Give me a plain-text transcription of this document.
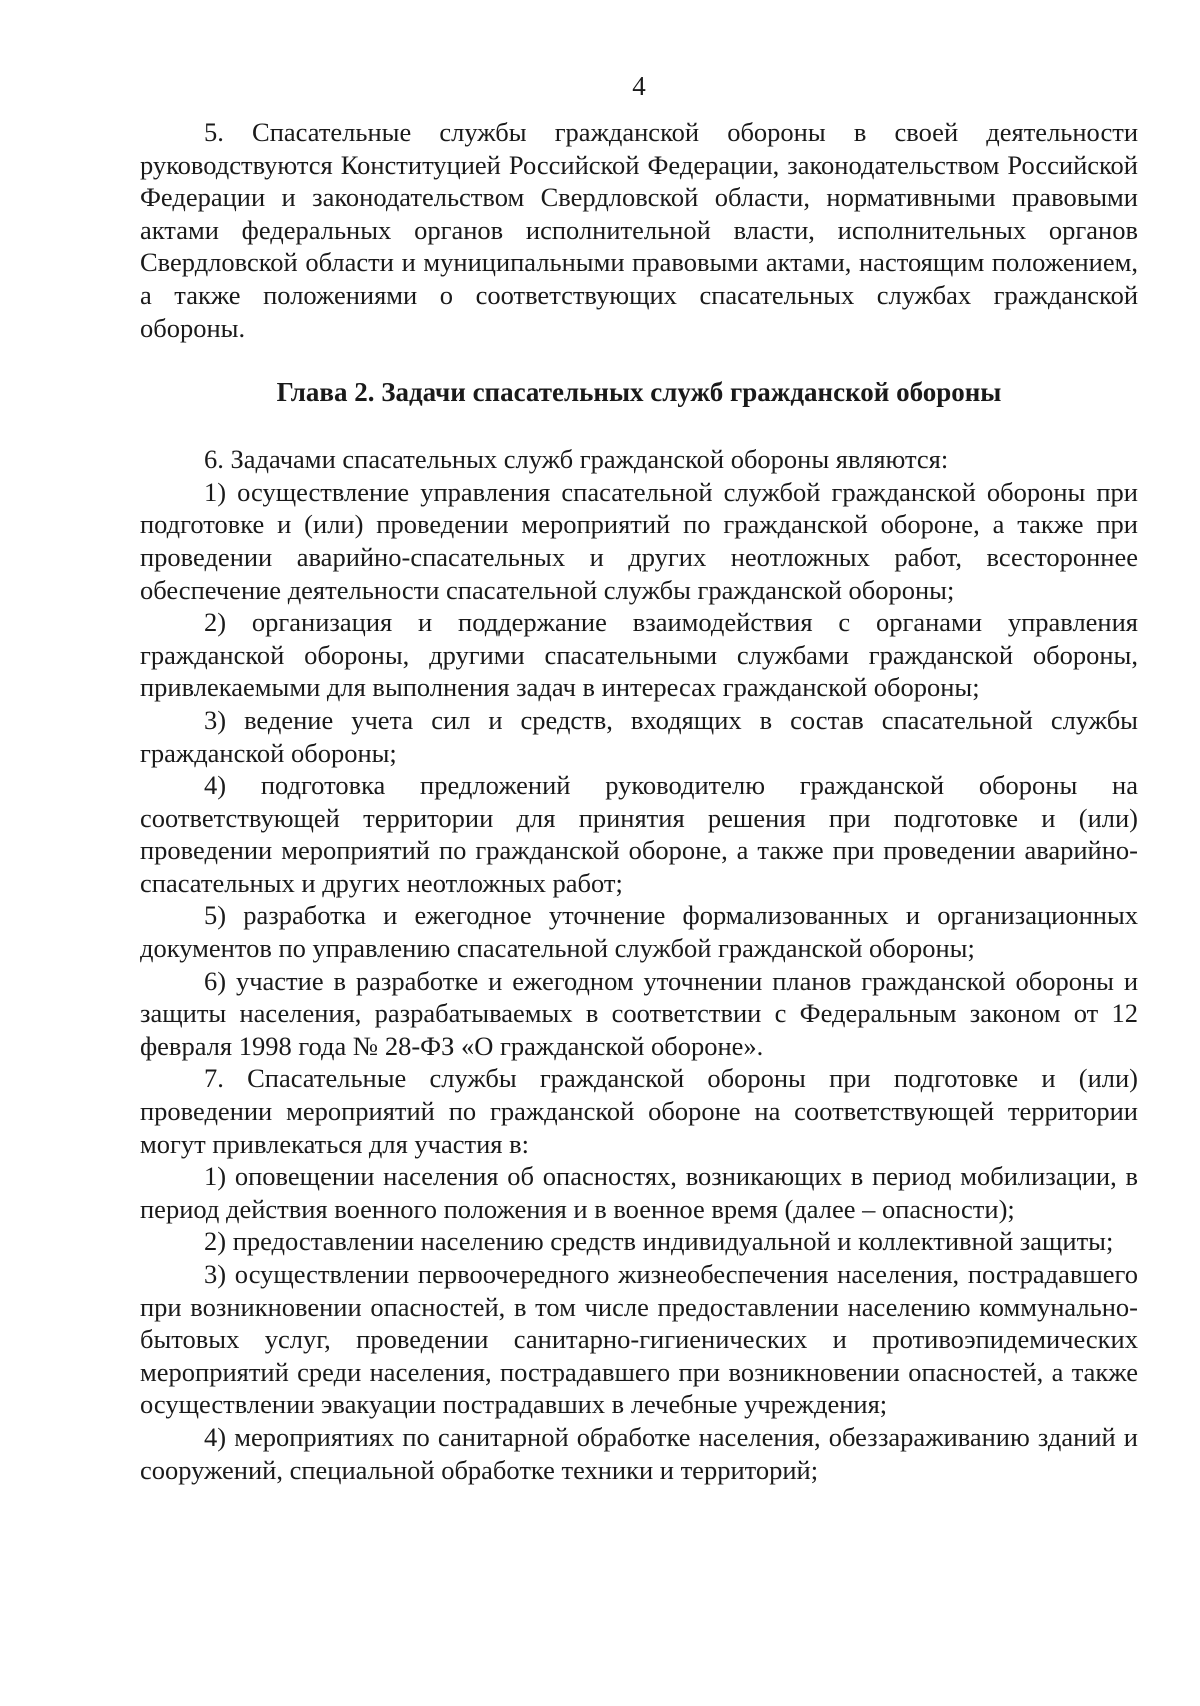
4

5. Спасательные службы гражданской обороны в своей деятельности руководствуются Конституцией Российской Федерации, законодательством Российской Федерации и законодательством Свердловской области, нормативными правовыми актами федеральных органов исполнительной власти, исполнительных органов Свердловской области и муниципальными правовыми актами, настоящим положением, а также положениями о соответствующих спасательных службах гражданской обороны.

Глава 2. Задачи спасательных служб гражданской обороны

6. Задачами спасательных служб гражданской обороны являются:

1) осуществление управления спасательной службой гражданской обороны при подготовке и (или) проведении мероприятий по гражданской обороне, а также при проведении аварийно-спасательных и других неотложных работ, всестороннее обеспечение деятельности спасательной службы гражданской обороны;

2) организация и поддержание взаимодействия с органами управления гражданской обороны, другими спасательными службами гражданской обороны, привлекаемыми для выполнения задач в интересах гражданской обороны;

3) ведение учета сил и средств, входящих в состав спасательной службы гражданской обороны;

4) подготовка предложений руководителю гражданской обороны на соответствующей территории для принятия решения при подготовке и (или) проведении мероприятий по гражданской обороне, а также при проведении аварийно-спасательных и других неотложных работ;

5) разработка и ежегодное уточнение формализованных и организационных документов по управлению спасательной службой гражданской обороны;

6) участие в разработке и ежегодном уточнении планов гражданской обороны и защиты населения, разрабатываемых в соответствии с Федеральным законом от 12 февраля 1998 года № 28-ФЗ «О гражданской обороне».

7. Спасательные службы гражданской обороны при подготовке и (или) проведении мероприятий по гражданской обороне на соответствующей территории могут привлекаться для участия в:

1) оповещении населения об опасностях, возникающих в период мобилизации, в период действия военного положения и в военное время (далее – опасности);

2) предоставлении населению средств индивидуальной и коллективной защиты;

3) осуществлении первоочередного жизнеобеспечения населения, пострадавшего при возникновении опасностей, в том числе предоставлении населению коммунально-бытовых услуг, проведении санитарно-гигиенических и противоэпидемических мероприятий среди населения, пострадавшего при возникновении опасностей, а также осуществлении эвакуации пострадавших в лечебные учреждения;

4) мероприятиях по санитарной обработке населения, обеззараживанию зданий и сооружений, специальной обработке техники и территорий;
